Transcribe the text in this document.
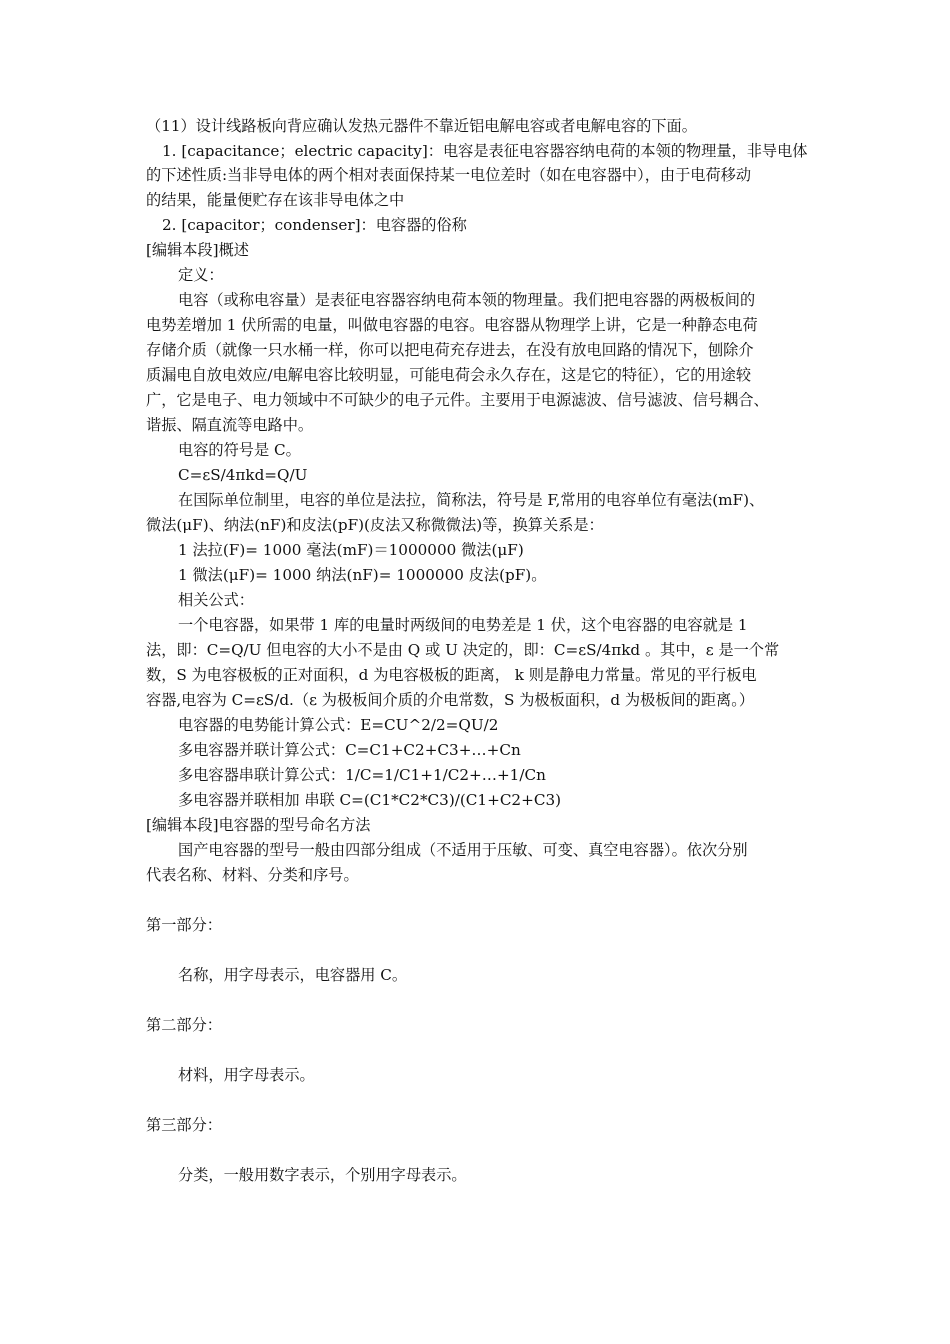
（11）设计线路板向背应确认发热元器件不靠近铝电解电容或者电解电容的下面。
1. [capacitance；electric capacity]：电容是表征电容器容纳电荷的本领的物理量，非导电体
的下述性质:当非导电体的两个相对表面保持某一电位差时（如在电容器中），由于电荷移动
的结果，能量便贮存在该非导电体之中
2. [capacitor；condenser]：电容器的俗称
[编辑本段]概述
定义：
电容（或称电容量）是表征电容器容纳电荷本领的物理量。我们把电容器的两极板间的
电势差增加 1 伏所需的电量，叫做电容器的电容。电容器从物理学上讲，它是一种静态电荷
存储介质（就像一只水桶一样，你可以把电荷充存进去，在没有放电回路的情况下，刨除介
质漏电自放电效应/电解电容比较明显，可能电荷会永久存在，这是它的特征），它的用途较
广，它是电子、电力领域中不可缺少的电子元件。主要用于电源滤波、信号滤波、信号耦合、
谐振、隔直流等电路中。
电容的符号是 C。
C=εS/4πkd=Q/U
在国际单位制里，电容的单位是法拉，简称法，符号是 F,常用的电容单位有毫法(mF)、
微法(μF)、纳法(nF)和皮法(pF)(皮法又称微微法)等，换算关系是：
1 法拉(F)= 1000 毫法(mF)＝1000000 微法(μF)
1 微法(μF)= 1000 纳法(nF)= 1000000 皮法(pF)。
相关公式：
一个电容器，如果带 1 库的电量时两级间的电势差是 1 伏，这个电容器的电容就是 1
法，即：C=Q/U 但电容的大小不是由 Q 或 U 决定的，即：C=εS/4πkd 。其中，ε 是一个常
数，S 为电容极板的正对面积，d 为电容极板的距离， k 则是静电力常量。常见的平行板电
容器,电容为 C=εS/d.（ε 为极板间介质的介电常数，S 为极板面积，d 为极板间的距离。）
电容器的电势能计算公式：E=CU^2/2=QU/2
多电容器并联计算公式：C=C1+C2+C3+…+Cn
多电容器串联计算公式：1/C=1/C1+1/C2+…+1/Cn
多电容器并联相加 串联 C=(C1*C2*C3)/(C1+C2+C3)
[编辑本段]电容器的型号命名方法
国产电容器的型号一般由四部分组成（不适用于压敏、可变、真空电容器）。依次分别
代表名称、材料、分类和序号。
第一部分：
名称，用字母表示，电容器用 C。
第二部分：
材料，用字母表示。
第三部分：
分类，一般用数字表示，个别用字母表示。
